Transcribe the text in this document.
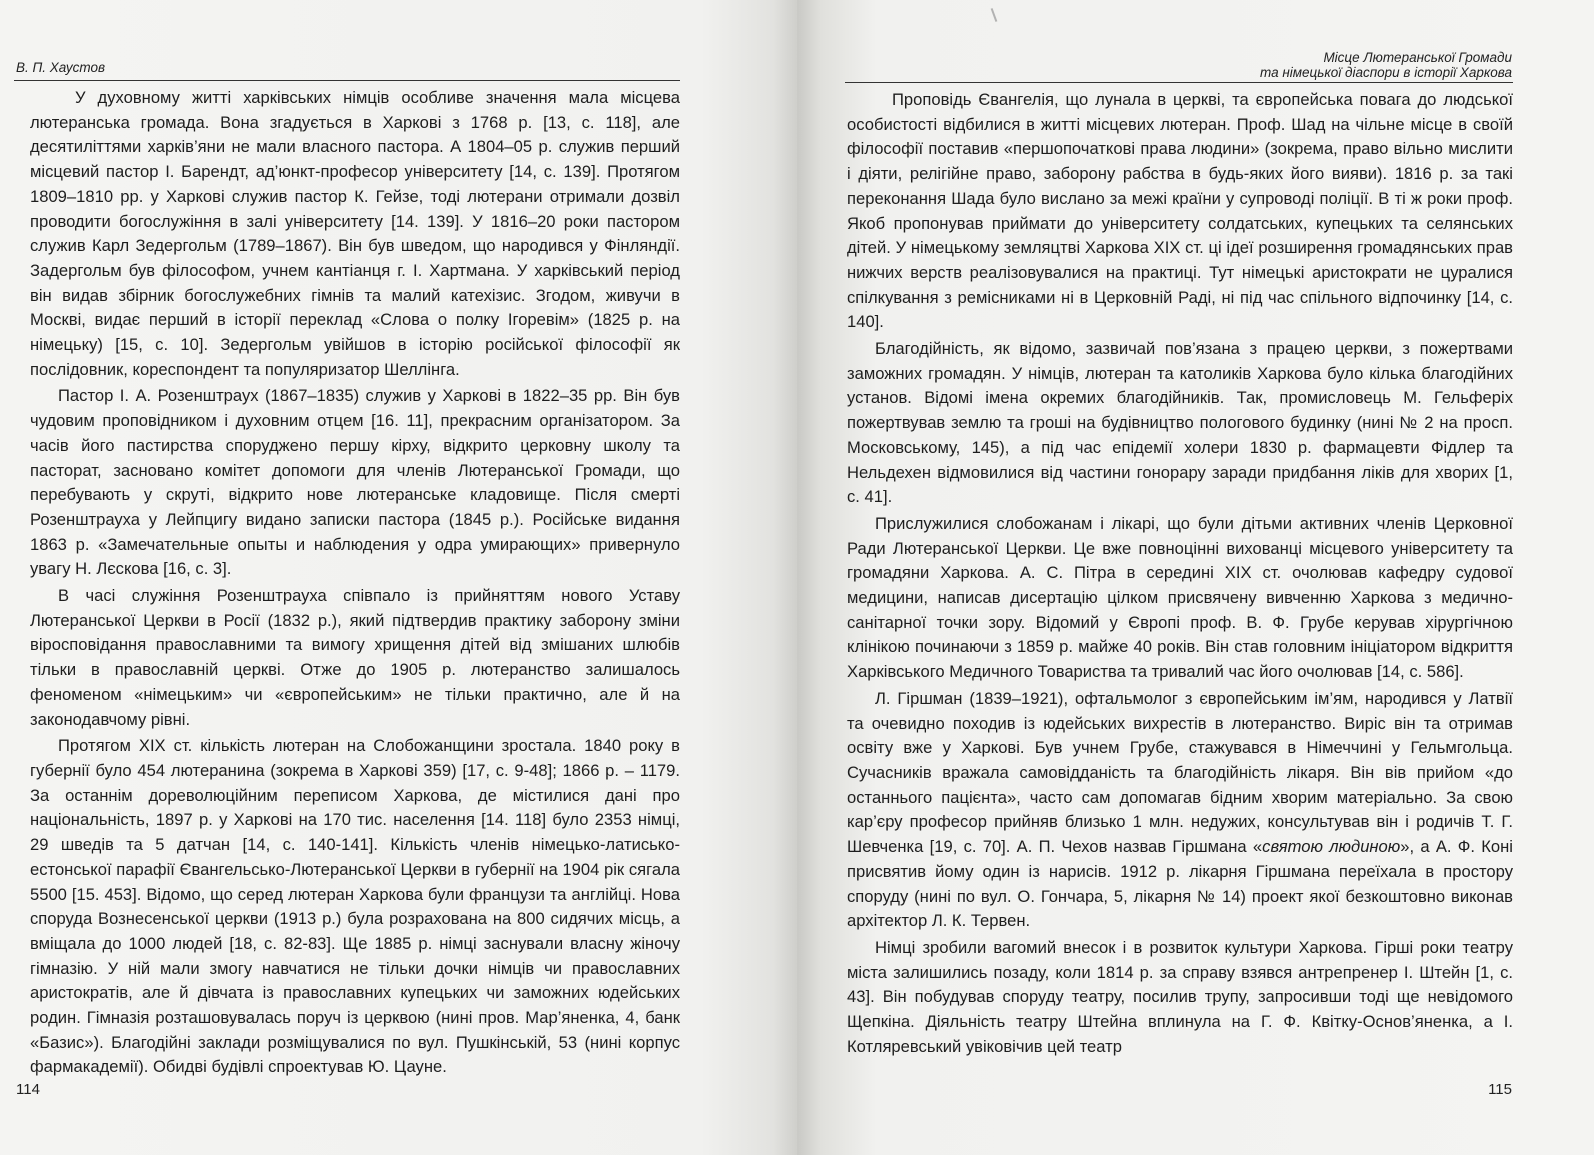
В. П. Хаустов

У духовному житті харківських німців особливе значення мала місцева лютеранська громада. Вона згадується в Харкові з 1768 р. [13, с. 118], але десятиліттями харків’яни не мали власного пастора. А 1804–05 р. служив перший місцевий пастор І. Барендт, ад’юнкт-професор університету [14, с. 139]. Протягом 1809–1810 рр. у Харкові служив пастор К. Гейзе, тоді лютерани отримали дозвіл проводити богослужіння в залі університету [14. 139]. У 1816–20 роки пастором служив Карл Зедергольм (1789–1867). Він був шведом, що народився у Фінляндії. Задергольм був філософом, учнем кантіанця г. І. Хартмана. У харківський період він видав збірник богослужебних гімнів та малий катехізис. Згодом, живучи в Москві, видає перший в історії переклад «Слова о полку Ігоревім» (1825 р. на німецьку) [15, с. 10]. Зедергольм увійшов в історію російської філософії як послідовник, кореспондент та популяризатор Шеллінга.

Пастор І. А. Розенштраух (1867–1835) служив у Харкові в 1822–35 рр. Він був чудовим проповідником і духовним отцем [16. 11], прекрасним організатором. За часів його пастирства споруджено першу кірху, відкрито церковну школу та пасторат, засновано комітет допомоги для членів Лютеранської Громади, що перебувають у скруті, відкрито нове лютеранське кладовище. Після смерті Розенштрауха у Лейпцигу видано записки пастора (1845 р.). Російське видання 1863 р. «Замечательные опыты и наблюдения у одра умирающих» привернуло увагу Н. Лєскова [16, с. 3].

В часі служіння Розенштрауха співпало із прийняттям нового Уставу Лютеранської Церкви в Росії (1832 р.), який підтвердив практику заборону зміни віросповідання православними та вимогу хрищення дітей від змішаних шлюбів тільки в православній церкві. Отже до 1905 р. лютеранство залишалось феноменом «німецьким» чи «європейським» не тільки практично, але й на законодавчому рівні.

Протягом XIX ст. кількість лютеран на Слобожанщини зростала. 1840 року в губернії було 454 лютеранина (зокрема в Харкові 359) [17, с. 9-48]; 1866 р. – 1179. За останнім дореволюційним переписом Харкова, де містилися дані про національність, 1897 р. у Харкові на 170 тис. населення [14. 118] було 2353 німці, 29 шведів та 5 датчан [14, с. 140-141]. Кількість членів німецько-латисько-естонської парафії Євангельсько-Лютеранської Церкви в губернії на 1904 рік сягала 5500 [15. 453]. Відомо, що серед лютеран Харкова були французи та англійці. Нова споруда Вознесенської церкви (1913 р.) була розрахована на 800 сидячих місць, а вміщала до 1000 людей [18, с. 82-83]. Ще 1885 р. німці заснували власну жіночу гімназію. У ній мали змогу навчатися не тільки дочки німців чи православних аристократів, але й дівчата із православних купецьких чи заможних юдейських родин. Гімназія розташовувалась поруч із церквою (нині пров. Мар’яненка, 4, банк «Базис»). Благодійні заклади розміщувалися по вул. Пушкінській, 53 (нині корпус фармакадемії). Обидві будівлі спроектував Ю. Цауне.

114
Місце Лютеранської Громади
та німецької діаспори в історії Харкова

Проповідь Євангелія, що лунала в церкві, та європейська повага до людської особистості відбилися в житті місцевих лютеран. Проф. Шад на чільне місце в своїй філософії поставив «першопочаткові права людини» (зокрема, право вільно мислити і діяти, релігійне право, заборону рабства в будь-яких його вияви). 1816 р. за такі переконання Шада було вислано за межі країни у супроводі поліції. В ті ж роки проф. Якоб пропонував приймати до університету солдатських, купецьких та селянських дітей. У німецькому земляцтві Харкова XIX ст. ці ідеї розширення громадянських прав нижчих верств реалізовувалися на практиці. Тут німецькі аристократи не цуралися спілкування з ремісниками ні в Церковній Раді, ні під час спільного відпочинку [14, с. 140].

Благодійність, як відомо, зазвичай пов’язана з працею церкви, з пожертвами заможних громадян. У німців, лютеран та католиків Харкова було кілька благодійних установ. Відомі імена окремих благодійників. Так, промисловець М. Гельферіх пожертвував землю та гроші на будівництво пологового будинку (нині № 2 на просп. Московському, 145), а під час епідемії холери 1830 р. фармацевти Фідлер та Нельдехен відмовилися від частини гонорару заради придбання ліків для хворих [1, с. 41].

Прислужилися слобожанам і лікарі, що були дітьми активних членів Церковної Ради Лютеранської Церкви. Це вже повноцінні вихованці місцевого університету та громадяни Харкова. А. С. Пітра в середині XIX ст. очолював кафедру судової медицини, написав дисертацію цілком присвячену вивченню Харкова з медично-санітарної точки зору. Відомий у Європі проф. В. Ф. Грубе керував хірургічною клінікою починаючи з 1859 р. майже 40 років. Він став головним ініціатором відкриття Харківського Медичного Товариства та тривалий час його очолював [14, с. 586].

Л. Гіршман (1839–1921), офтальмолог з європейським ім’ям, народився у Латвії та очевидно походив із юдейських вихрестів в лютеранство. Виріс він та отримав освіту вже у Харкові. Був учнем Грубе, стажувався в Німеччині у Гельмгольца. Сучасників вражала самовідданість та благодійність лікаря. Він вів прийом «до останнього пацієнта», часто сам допомагав бідним хворим матеріально. За свою кар’єру професор прийняв близько 1 млн. недужих, консультував він і родичів Т. Г. Шевченка [19, с. 70]. А. П. Чехов назвав Гіршмана «святою людиною», а А. Ф. Коні присвятив йому один із нарисів. 1912 р. лікарня Гіршмана переїхала в простору споруду (нині по вул. О. Гончара, 5, лікарня № 14) проект якої безкоштовно виконав архітектор Л. К. Тервен.

Німці зробили вагомий внесок і в розвиток культури Харкова. Гірші роки театру міста залишились позаду, коли 1814 р. за справу взявся антрепренер І. Штейн [1, с. 43]. Він побудував споруду театру, посилив трупу, запросивши тоді ще невідомого Щепкіна. Діяльність театру Штейна вплинула на Г. Ф. Квітку-Основ’яненка, а І. Котляревський увіковічив цей театр

115
